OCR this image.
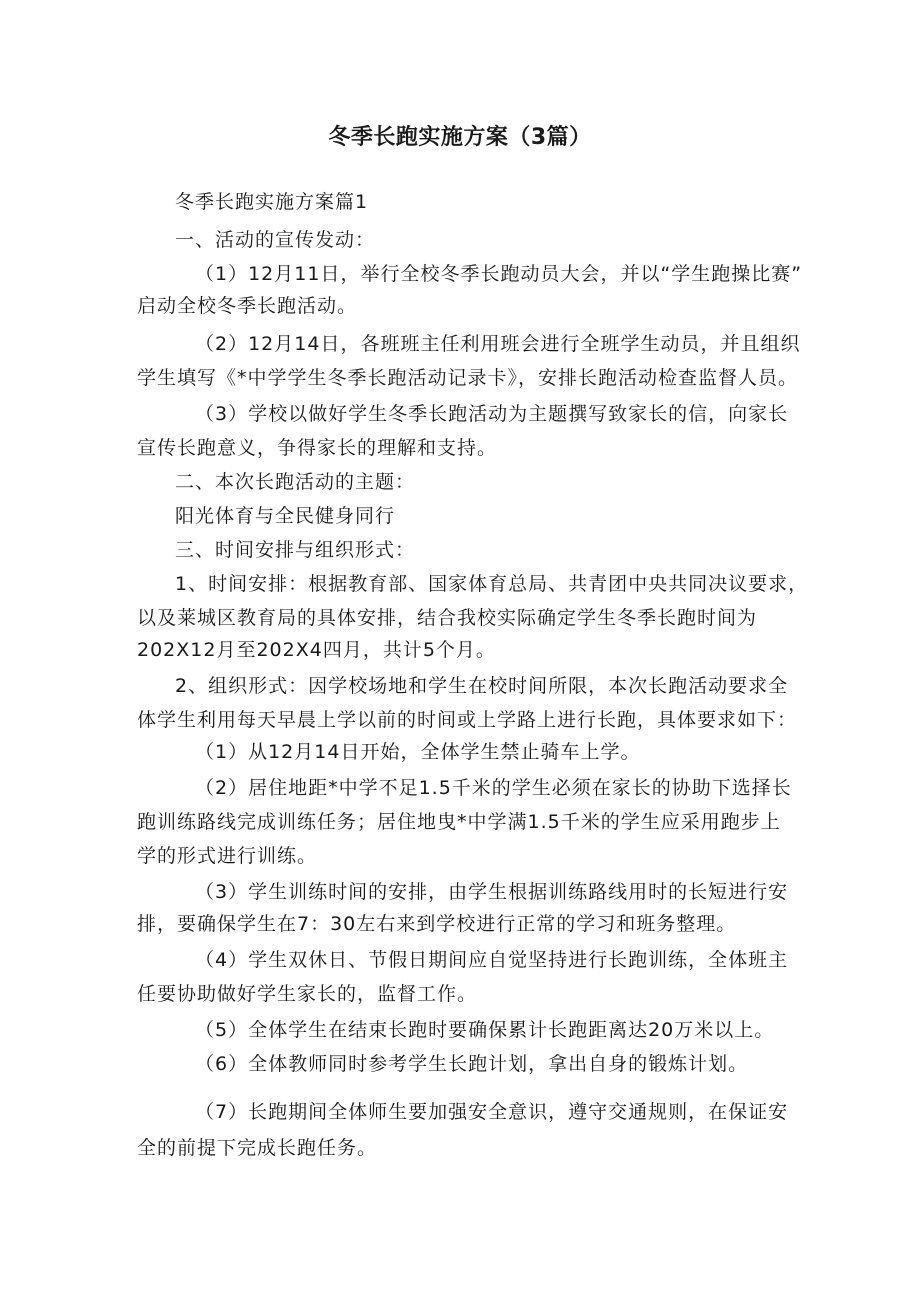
冬季长跑实施方案（3篇）
冬季长跑实施方案篇1
一、活动的宣传发动：
（1）12月11日，举行全校冬季长跑动员大会，并以“学生跑操比赛”
启动全校冬季长跑活动。
（2）12月14日，各班班主任利用班会进行全班学生动员，并且组织
学生填写《*中学学生冬季长跑活动记录卡》，安排长跑活动检查监督人员。
（3）学校以做好学生冬季长跑活动为主题撰写致家长的信，向家长
宣传长跑意义，争得家长的理解和支持。
二、本次长跑活动的主题：
阳光体育与全民健身同行
三、时间安排与组织形式：
1、时间安排：根据教育部、国家体育总局、共青团中央共同决议要求，
以及莱城区教育局的具体安排，结合我校实际确定学生冬季长跑时间为
202X12月至202X4四月，共计5个月。
2、组织形式：因学校场地和学生在校时间所限，本次长跑活动要求全
体学生利用每天早晨上学以前的时间或上学路上进行长跑，具体要求如下：
（1）从12月14日开始，全体学生禁止骑车上学。
（2）居住地距*中学不足1.5千米的学生必须在家长的协助下选择长
跑训练路线完成训练任务；居住地曳*中学满1.5千米的学生应采用跑步上
学的形式进行训练。
（3）学生训练时间的安排，由学生根据训练路线用时的长短进行安
排，要确保学生在7：30左右来到学校进行正常的学习和班务整理。
（4）学生双休日、节假日期间应自觉坚持进行长跑训练，全体班主
任要协助做好学生家长的，监督工作。
（5）全体学生在结束长跑时要确保累计长跑距离达20万米以上。
（6）全体教师同时参考学生长跑计划，拿出自身的锻炼计划。
（7）长跑期间全体师生要加强安全意识，遵守交通规则，在保证安
全的前提下完成长跑任务。
